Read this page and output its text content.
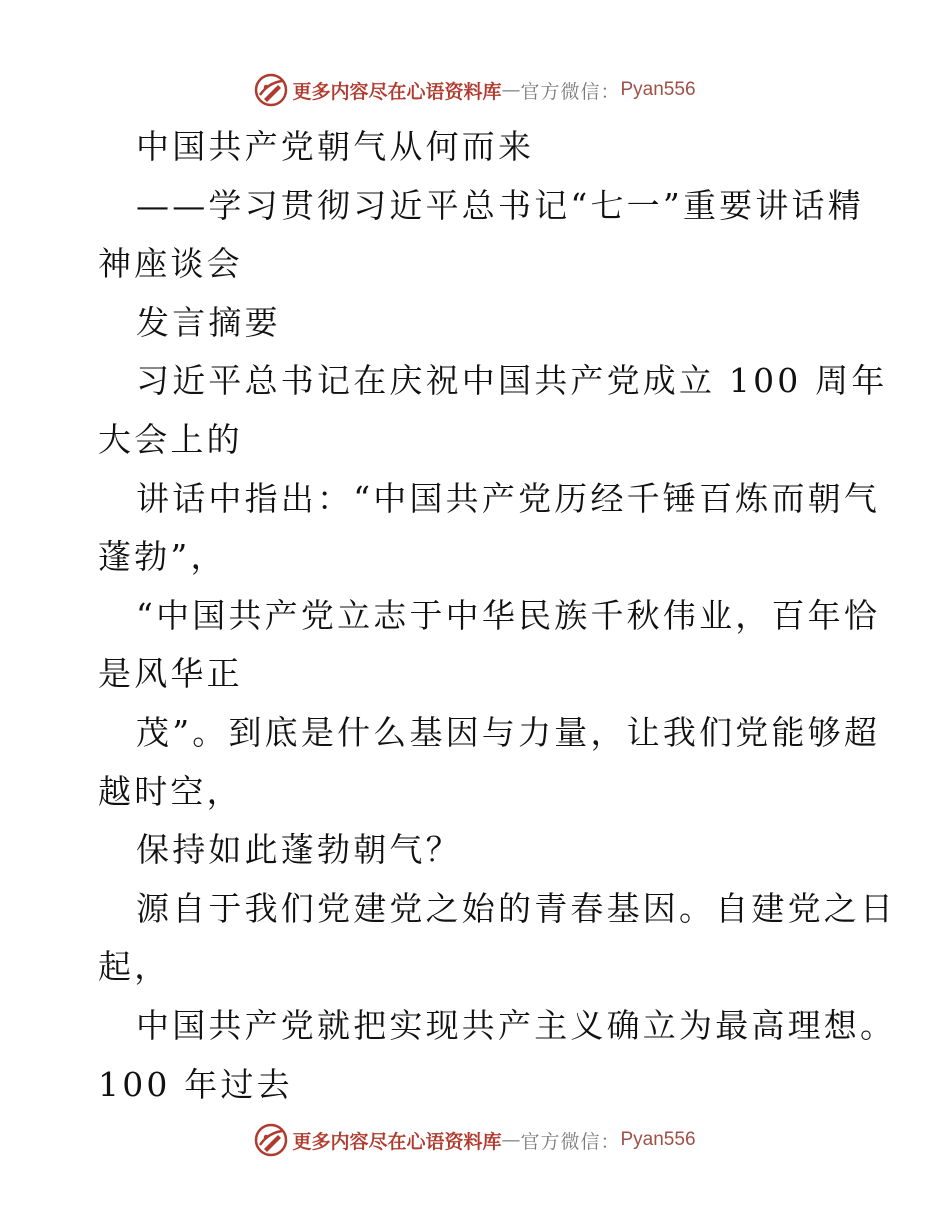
更多内容尽在心语资料库 — 官方微信： Pyan556
中国共产党朝气从何而来
——学习贯彻习近平总书记“七一”重要讲话精
神座谈会
发言摘要
习近平总书记在庆祝中国共产党成立 100 周年
大会上的
讲话中指出：“中国共产党历经千锤百炼而朝气
蓬勃”，
“中国共产党立志于中华民族千秋伟业，百年恰
是风华正
茂”。到底是什么基因与力量，让我们党能够超
越时空，
保持如此蓬勃朝气？
源自于我们党建党之始的青春基因。自建党之日
起，
中国共产党就把实现共产主义确立为最高理想。
100 年过去
更多内容尽在心语资料库 — 官方微信： Pyan556
